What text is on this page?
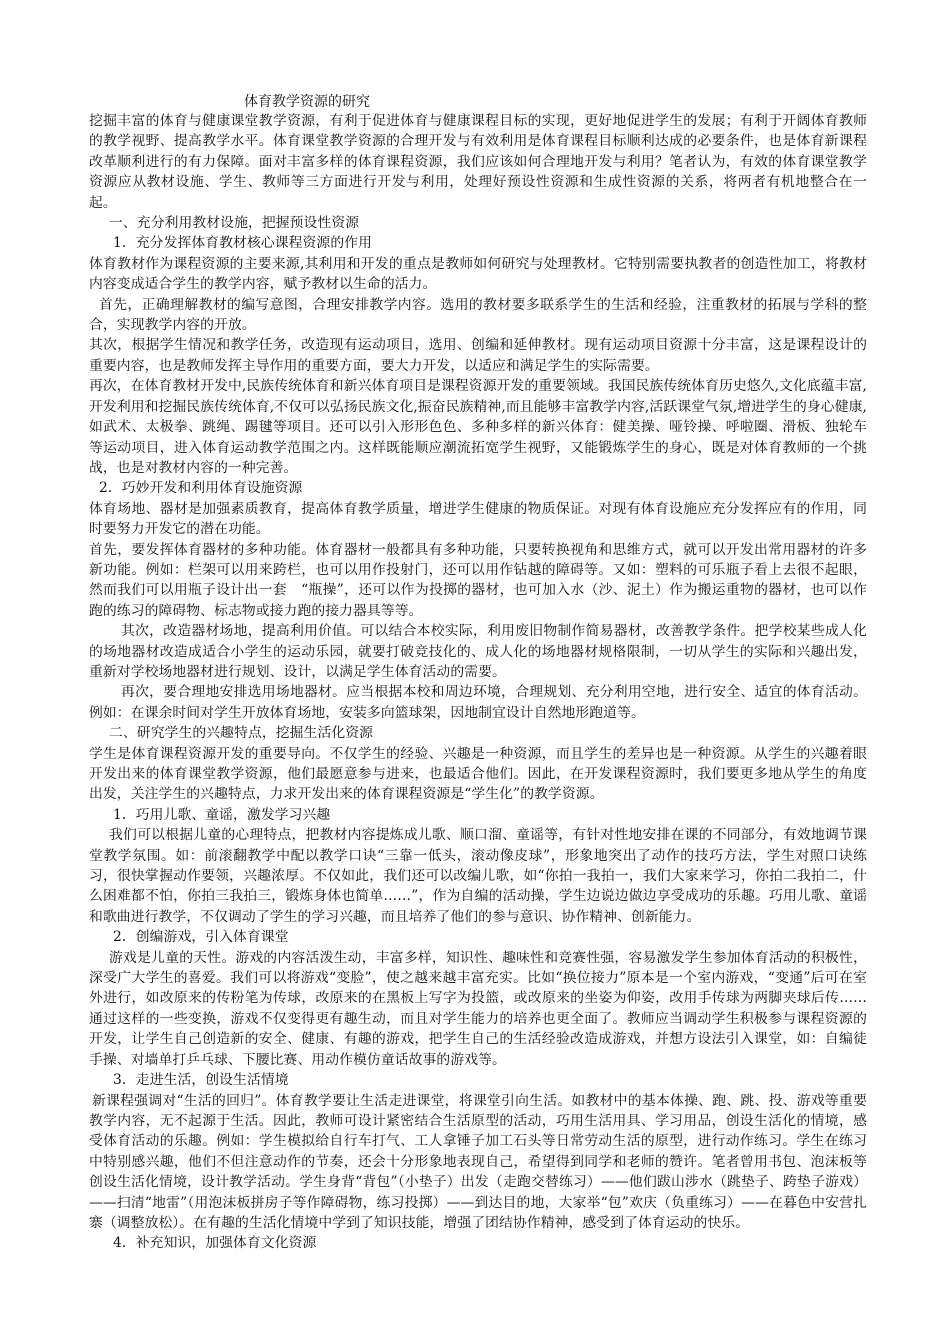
体育教学资源的研究

挖掘丰富的体育与健康课堂教学资源，有利于促进体育与健康课程目标的实现，更好地促进学生的发展；有利于开阔体育教师的教学视野、提高教学水平。体育课堂教学资源的合理开发与有效利用是体育课程目标顺利达成的必要条件，也是体育新课程改革顺利进行的有力保障。面对丰富多样的体育课程资源，我们应该如何合理地开发与利用？笔者认为，有效的体育课堂教学资源应从教材设施、学生、教师等三方面进行开发与利用，处理好预设性资源和生成性资源的关系，将两者有机地整合在一起。

一、充分利用教材设施，把握预设性资源

1．充分发挥体育教材核心课程资源的作用

体育教材作为课程资源的主要来源,其利用和开发的重点是教师如何研究与处理教材。它特别需要执教者的创造性加工，将教材内容变成适合学生的教学内容，赋予教材以生命的活力。

首先，正确理解教材的编写意图，合理安排教学内容。选用的教材要多联系学生的生活和经验，注重教材的拓展与学科的整合，实现教学内容的开放。

其次，根据学生情况和教学任务，改造现有运动项目，选用、创编和延伸教材。现有运动项目资源十分丰富，这是课程设计的重要内容，也是教师发挥主导作用的重要方面，要大力开发，以适应和满足学生的实际需要。

再次，在体育教材开发中,民族传统体育和新兴体育项目是课程资源开发的重要领域。我国民族传统体育历史悠久,文化底蕴丰富,开发利用和挖掘民族传统体育,不仅可以弘扬民族文化,振奋民族精神,而且能够丰富教学内容,活跃课堂气氛,增进学生的身心健康,如武术、太极拳、跳绳、踢毽等项目。还可以引入形形色色、多种多样的新兴体育：健美操、哑铃操、呼啦圈、滑板、独轮车等运动项目，进入体育运动教学范围之内。这样既能顺应潮流拓宽学生视野，又能锻炼学生的身心，既是对体育教师的一个挑战，也是对教材内容的一种完善。

2．巧妙开发和利用体育设施资源

体育场地、器材是加强素质教育，提高体育教学质量，增进学生健康的物质保证。对现有体育设施应充分发挥应有的作用，同时要努力开发它的潜在功能。

首先，要发挥体育器材的多种功能。体育器材一般都具有多种功能，只要转换视角和思维方式，就可以开发出常用器材的许多新功能。例如：栏架可以用来跨栏，也可以用作投射门，还可以用作钻越的障碍等。又如：塑料的可乐瓶子看上去很不起眼，然而我们可以用瓶子设计出一套　“瓶操”，还可以作为投掷的器材，也可加入水（沙、泥土）作为搬运重物的器材，也可以作跑的练习的障碍物、标志物或接力跑的接力器具等等。

其次，改造器材场地，提高利用价值。可以结合本校实际，利用废旧物制作简易器材，改善教学条件。把学校某些成人化的场地器材改造成适合小学生的运动乐园，就要打破竞技化的、成人化的场地器材规格限制，一切从学生的实际和兴趣出发，重新对学校场地器材进行规划、设计，以满足学生体育活动的需要。

再次，要合理地安排选用场地器材。应当根据本校和周边环境，合理规划、充分利用空地，进行安全、适宜的体育活动。例如：在课余时间对学生开放体育场地，安装多向篮球架，因地制宜设计自然地形跑道等。

二、研究学生的兴趣特点，挖掘生活化资源

学生是体育课程资源开发的重要导向。不仅学生的经验、兴趣是一种资源，而且学生的差异也是一种资源。从学生的兴趣着眼开发出来的体育课堂教学资源，他们最愿意参与进来，也最适合他们。因此，在开发课程资源时，我们要更多地从学生的角度出发，关注学生的兴趣特点，力求开发出来的体育课程资源是“学生化”的教学资源。

1．巧用儿歌、童谣，激发学习兴趣

我们可以根据儿童的心理特点，把教材内容提炼成儿歌、顺口溜、童谣等，有针对性地安排在课的不同部分，有效地调节课堂教学氛围。如：前滚翻教学中配以教学口诀“三靠一低头，滚动像皮球”，形象地突出了动作的技巧方法，学生对照口诀练习，很快掌握动作要领，兴趣浓厚。不仅如此，我们还可以改编儿歌，如“你拍一我拍一，我们大家来学习，你拍二我拍二，什么困难都不怕，你拍三我拍三，锻炼身体也简单……”，作为自编的活动操，学生边说边做边享受成功的乐趣。巧用儿歌、童谣和歌曲进行教学，不仅调动了学生的学习兴趣，而且培养了他们的参与意识、协作精神、创新能力。

2．创编游戏，引入体育课堂

游戏是儿童的天性。游戏的内容活泼生动，丰富多样，知识性、趣味性和竞赛性强，容易激发学生参加体育活动的积极性，深受广大学生的喜爱。我们可以将游戏“变脸”，使之越来越丰富充实。比如“换位接力”原本是一个室内游戏，“变通”后可在室外进行，如改原来的传粉笔为传球，改原来的在黑板上写字为投篮，或改原来的坐姿为仰姿，改用手传球为两脚夹球后传……通过这样的一些变换，游戏不仅变得更有趣生动，而且对学生能力的培养也更全面了。教师应当调动学生积极参与课程资源的开发，让学生自己创造新的安全、健康、有趣的游戏，把学生自己的生活经验改造成游戏，并想方设法引入课堂，如：自编徒手操、对墙单打乒乓球、下腰比赛、用动作模仿童话故事的游戏等。

3．走进生活，创设生活情境

新课程强调对“生活的回归”。体育教学要让生活走进课堂，将课堂引向生活。如教材中的基本体操、跑、跳、投、游戏等重要教学内容，无不起源于生活。因此，教师可设计紧密结合生活原型的活动，巧用生活用具、学习用品，创设生活化的情境，感受体育活动的乐趣。例如：学生模拟给自行车打气、工人拿锤子加工石头等日常劳动生活的原型，进行动作练习。学生在练习中特别感兴趣，他们不但注意动作的节奏，还会十分形象地表现自己，希望得到同学和老师的赞许。笔者曾用书包、泡沫板等创设生活化情境，设计教学活动。学生身背“背包”（小垫子）出发（走跑交替练习）——他们跋山涉水（跳垫子、跨垫子游戏）——扫清“地雷”（用泡沫板拼房子等作障碍物，练习投掷）——到达目的地，大家举“包”欢庆（负重练习）——在暮色中安营扎寨（调整放松）。在有趣的生活化情境中学到了知识技能，增强了团结协作精神，感受到了体育运动的快乐。

4．补充知识，加强体育文化资源
